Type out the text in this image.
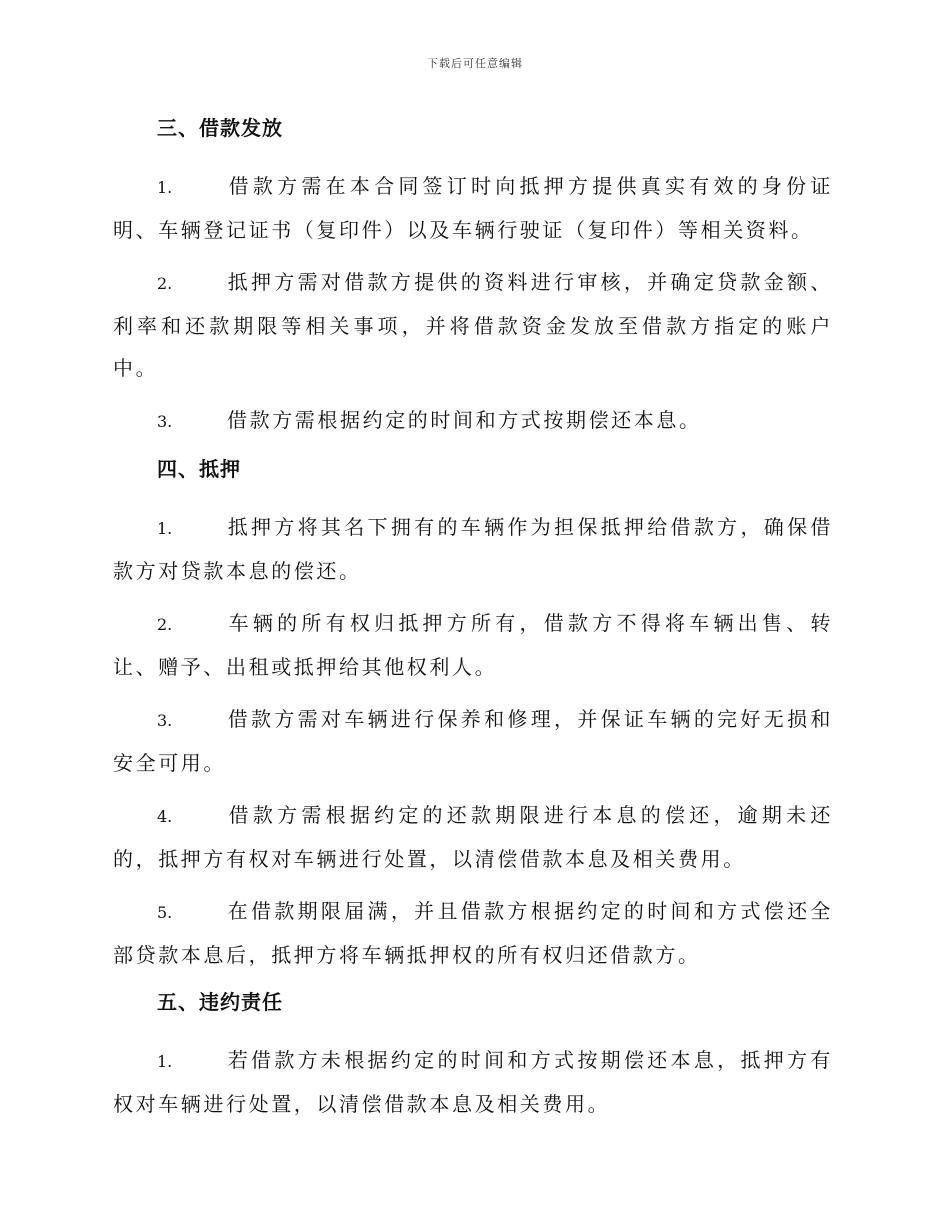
下载后可任意编辑
三、借款发放

1.	借款方需在本合同签订时向抵押方提供真实有效的身份证明、车辆登记证书（复印件）以及车辆行驶证（复印件）等相关资料。

2.	抵押方需对借款方提供的资料进行审核，并确定贷款金额、利率和还款期限等相关事项，并将借款资金发放至借款方指定的账户中。

3.	借款方需根据约定的时间和方式按期偿还本息。

四、抵押

1.	抵押方将其名下拥有的车辆作为担保抵押给借款方，确保借款方对贷款本息的偿还。

2.	车辆的所有权归抵押方所有，借款方不得将车辆出售、转让、赠予、出租或抵押给其他权利人。

3.	借款方需对车辆进行保养和修理，并保证车辆的完好无损和安全可用。

4.	借款方需根据约定的还款期限进行本息的偿还，逾期未还的，抵押方有权对车辆进行处置，以清偿借款本息及相关费用。

5.	在借款期限届满，并且借款方根据约定的时间和方式偿还全部贷款本息后，抵押方将车辆抵押权的所有权归还借款方。

五、违约责任

1.	若借款方未根据约定的时间和方式按期偿还本息，抵押方有权对车辆进行处置，以清偿借款本息及相关费用。
